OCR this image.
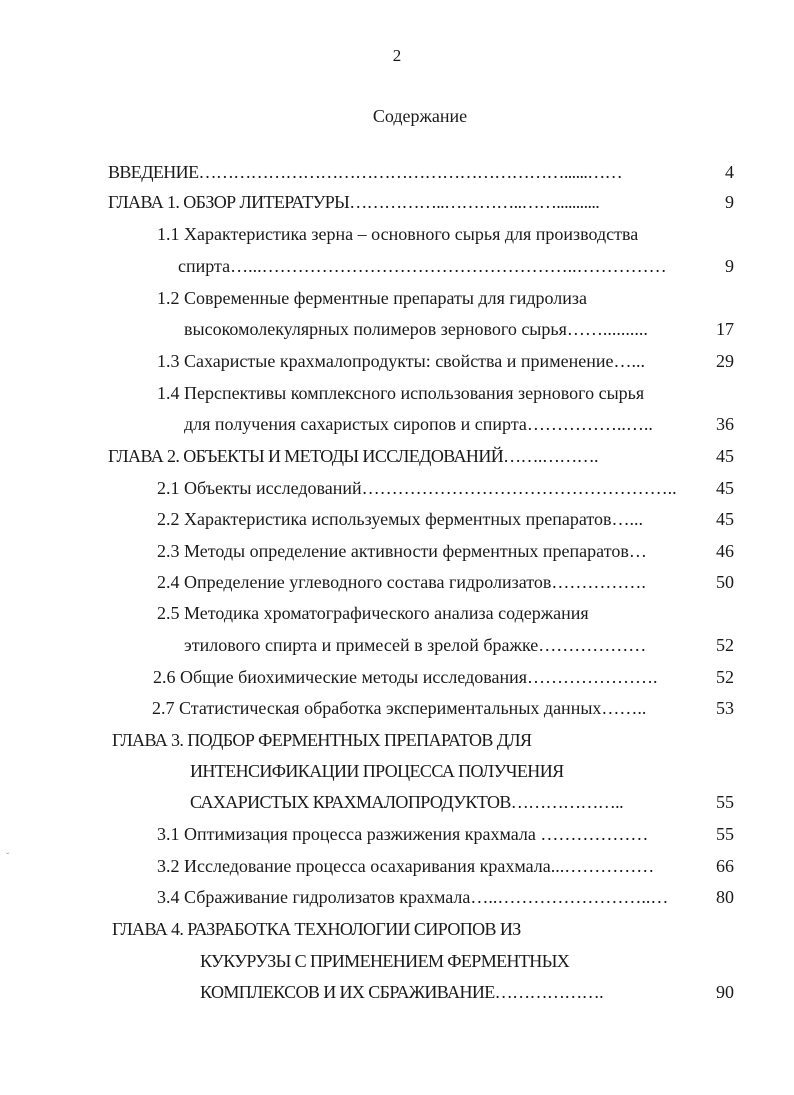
2
Содержание
ВВЕДЕНИЕ………………………………………………………......……	4
ГЛАВА 1. ОБЗОР ЛИТЕРАТУРЫ……………..…………..……...........	9
1.1 Характеристика зерна – основного сырья для производства
спирта…...……………………………………………..……………	9
1.2 Современные ферментные препараты для гидролиза
высокомолекулярных полимеров зернового сырья……..........	17
1.3 Сахаристые крахмалопродукты: свойства и применение…...	29
1.4 Перспективы комплексного использования зернового сырья
для получения сахаристых сиропов и спирта……………..…..	36
ГЛАВА 2. ОБЪЕКТЫ И МЕТОДЫ ИССЛЕДОВАНИЙ…….……….	45
2.1 Объекты исследований…………………………………………….. 45
2.2 Характеристика используемых ферментных препаратов…...	45
2.3 Методы определение активности ферментных препаратов…	46
2.4 Определение углеводного состава гидролизатов…………….	50
2.5 Методика хроматографического анализа содержания
этилового спирта и примесей в зрелой бражке………………	52
2.6 Общие биохимические методы исследования………………….	52
2.7 Статистическая обработка экспериментальных данных……..	53
ГЛАВА 3. ПОДБОР ФЕРМЕНТНЫХ ПРЕПАРАТОВ ДЛЯ
ИНТЕНСИФИКАЦИИ ПРОЦЕССА ПОЛУЧЕНИЯ
САХАРИСТЫХ КРАХМАЛОПРОДУКТОВ………………..	55
3.1 Оптимизация процесса разжижения крахмала ………………	55
3.2 Исследование процесса осахаривания крахмала...……………	66
3.4 Сбраживание гидролизатов крахмала…..……………………..…	80
ГЛАВА 4. РАЗРАБОТКА ТЕХНОЛОГИИ СИРОПОВ ИЗ
КУКУРУЗЫ С ПРИМЕНЕНИЕМ ФЕРМЕНТНЫХ
КОМПЛЕКСОВ И ИХ СБРАЖИВАНИЕ……………….	90
ˇ
